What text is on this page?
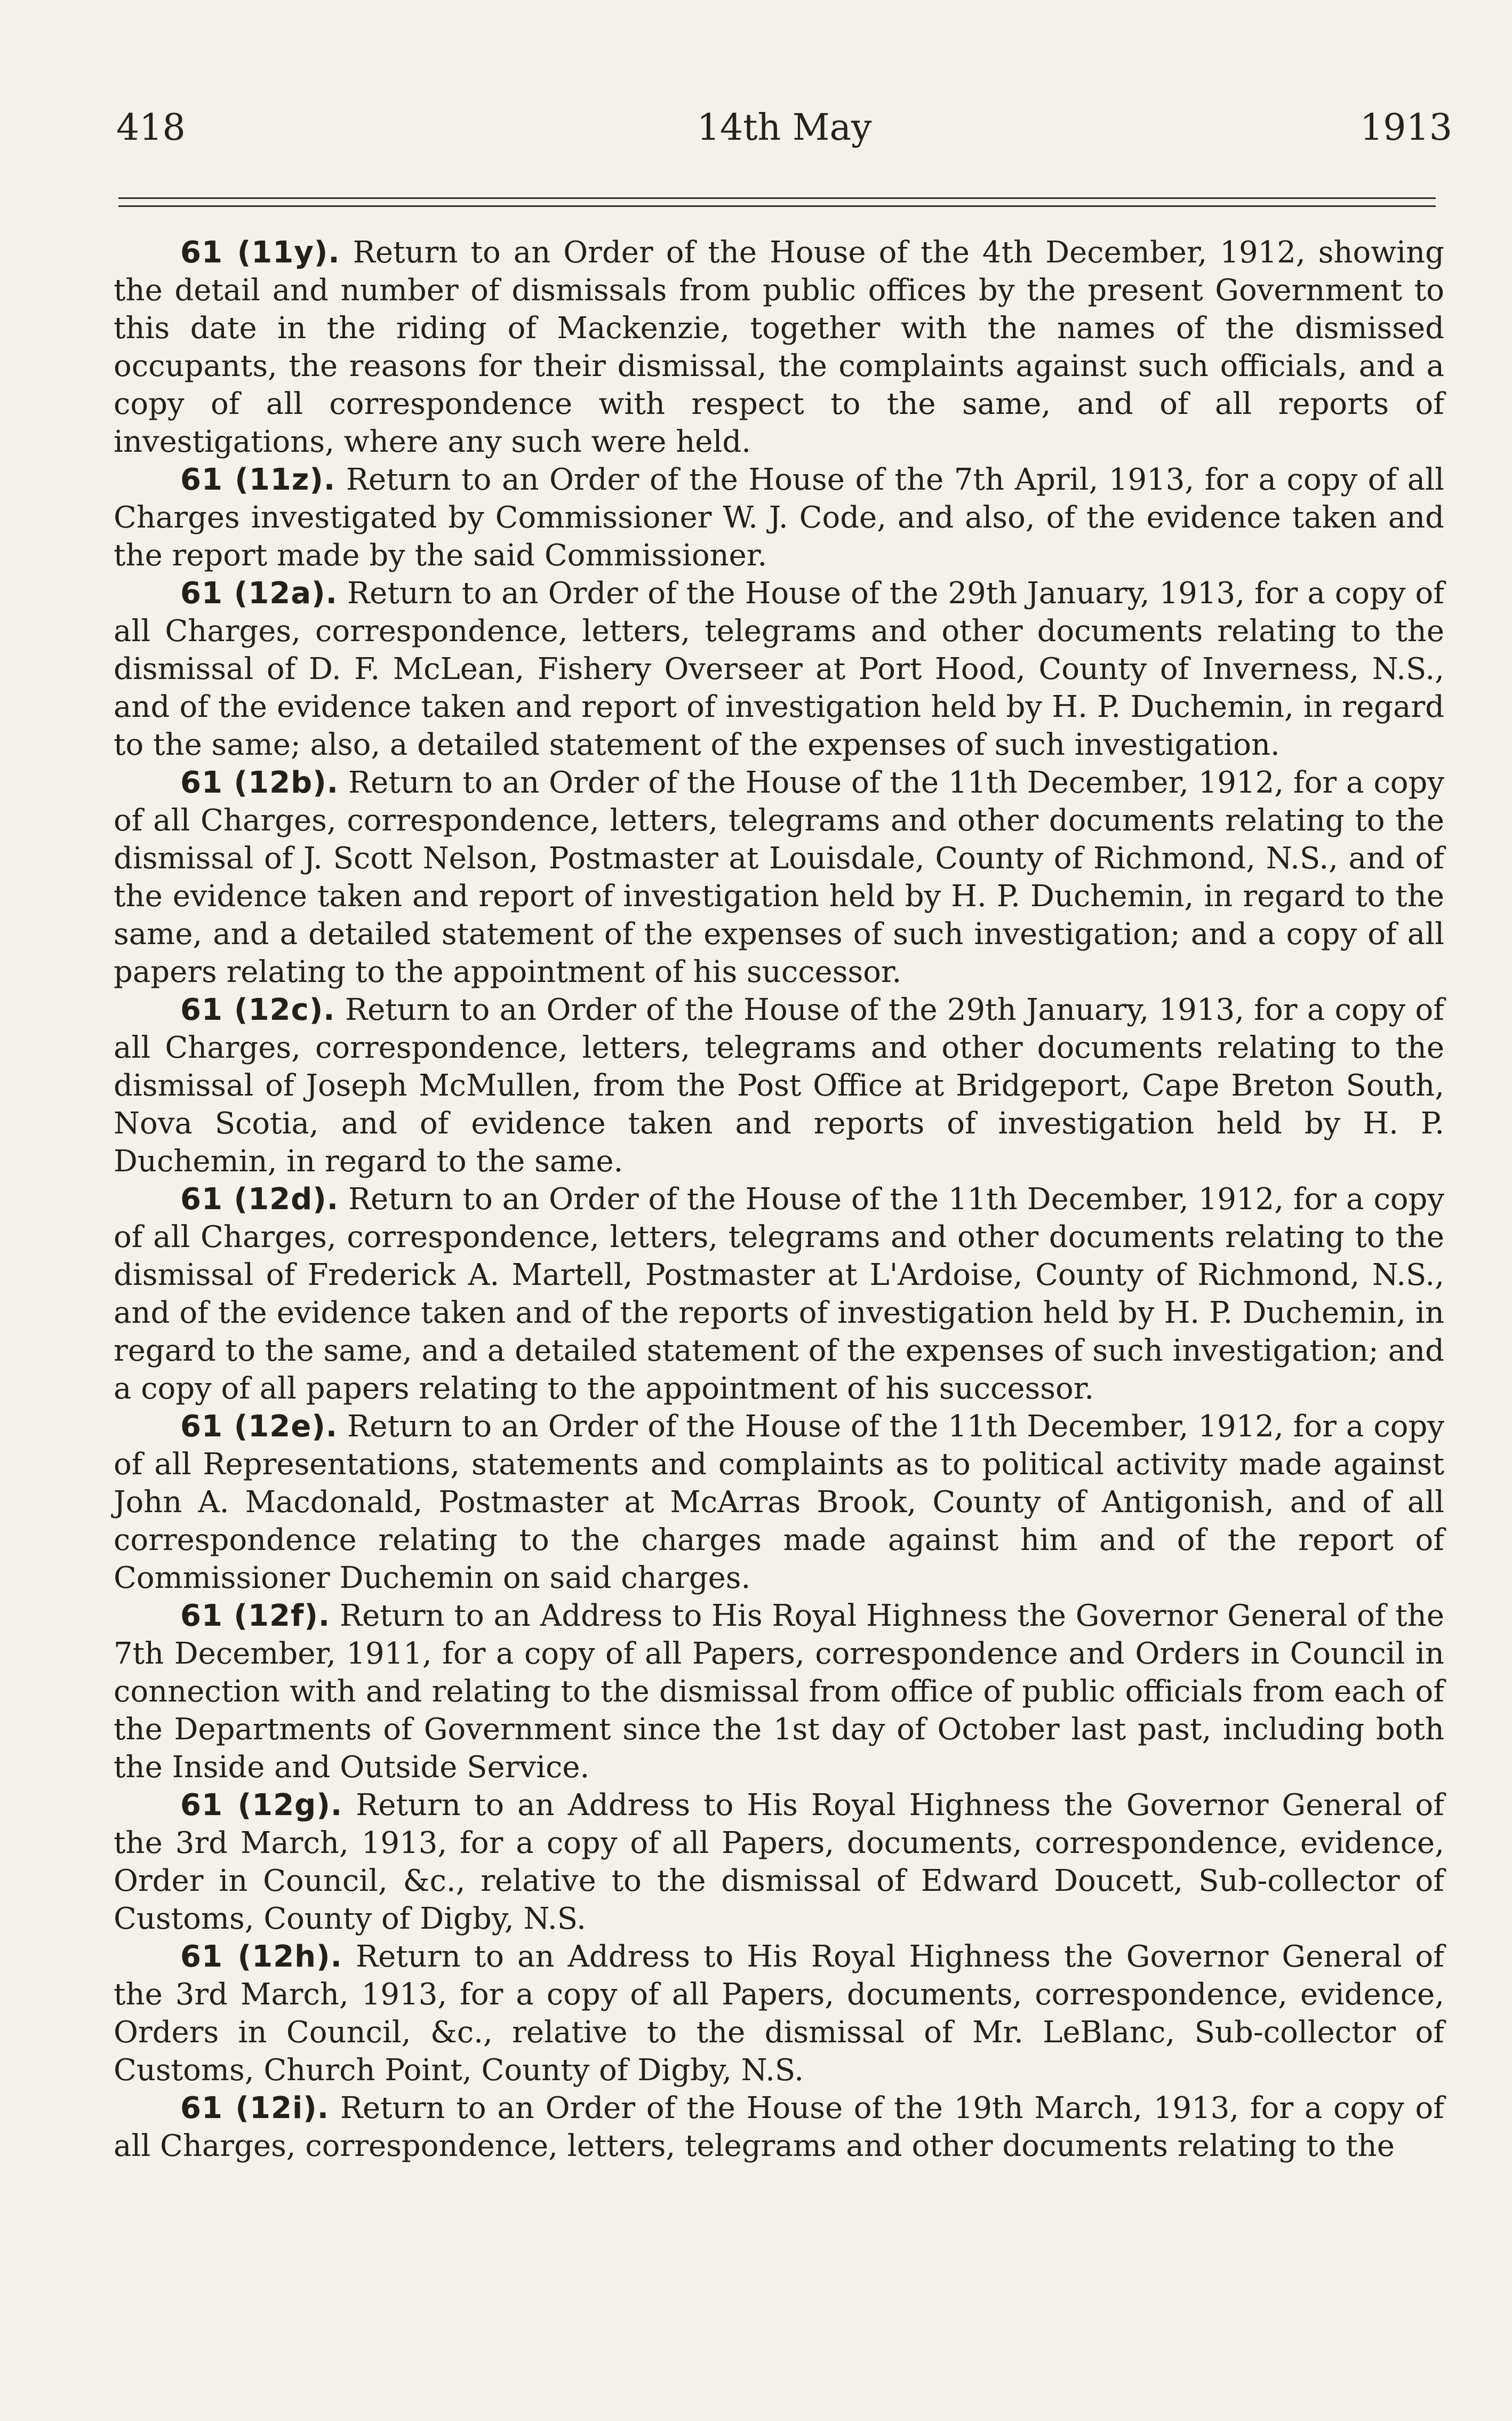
418	14th May	1913

61 (11y). Return to an Order of the House of the 4th December, 1912, showing the detail and number of dismissals from public offices by the present Government to this date in the riding of Mackenzie, together with the names of the dismissed occupants, the reasons for their dismissal, the complaints against such officials, and a copy of all correspondence with respect to the same, and of all reports of investigations, where any such were held.

61 (11z). Return to an Order of the House of the 7th April, 1913, for a copy of all Charges investigated by Commissioner W. J. Code, and also, of the evidence taken and the report made by the said Commissioner.

61 (12a). Return to an Order of the House of the 29th January, 1913, for a copy of all Charges, correspondence, letters, telegrams and other documents relating to the dismissal of D. F. McLean, Fishery Overseer at Port Hood, County of Inverness, N.S., and of the evidence taken and report of investigation held by H. P. Duchemin, in regard to the same; also, a detailed statement of the expenses of such investigation.

61 (12b). Return to an Order of the House of the 11th December, 1912, for a copy of all Charges, correspondence, letters, telegrams and other documents relating to the dismissal of J. Scott Nelson, Postmaster at Louisdale, County of Richmond, N.S., and of the evidence taken and report of investigation held by H. P. Duchemin, in regard to the same, and a detailed statement of the expenses of such investigation; and a copy of all papers relating to the appointment of his successor.

61 (12c). Return to an Order of the House of the 29th January, 1913, for a copy of all Charges, correspondence, letters, telegrams and other documents relating to the dismissal of Joseph McMullen, from the Post Office at Bridgeport, Cape Breton South, Nova Scotia, and of evidence taken and reports of investigation held by H. P. Duchemin, in regard to the same.

61 (12d). Return to an Order of the House of the 11th December, 1912, for a copy of all Charges, correspondence, letters, telegrams and other documents relating to the dismissal of Frederick A. Martell, Postmaster at L'Ardoise, County of Richmond, N.S., and of the evidence taken and of the reports of investigation held by H. P. Duchemin, in regard to the same, and a detailed statement of the expenses of such investigation; and a copy of all papers relating to the appointment of his successor.

61 (12e). Return to an Order of the House of the 11th December, 1912, for a copy of all Representations, statements and complaints as to political activity made against John A. Macdonald, Postmaster at McArras Brook, County of Antigonish, and of all correspondence relating to the charges made against him and of the report of Commissioner Duchemin on said charges.

61 (12f). Return to an Address to His Royal Highness the Governor General of the 7th December, 1911, for a copy of all Papers, correspondence and Orders in Council in connection with and relating to the dismissal from office of public officials from each of the Departments of Government since the 1st day of October last past, including both the Inside and Outside Service.

61 (12g). Return to an Address to His Royal Highness the Governor General of the 3rd March, 1913, for a copy of all Papers, documents, correspondence, evidence, Order in Council, &c., relative to the dismissal of Edward Doucett, Sub-collector of Customs, County of Digby, N.S.

61 (12h). Return to an Address to His Royal Highness the Governor General of the 3rd March, 1913, for a copy of all Papers, documents, correspondence, evidence, Orders in Council, &c., relative to the dismissal of Mr. LeBlanc, Sub-collector of Customs, Church Point, County of Digby, N.S.

61 (12i). Return to an Order of the House of the 19th March, 1913, for a copy of all Charges, correspondence, letters, telegrams and other documents relating to the
